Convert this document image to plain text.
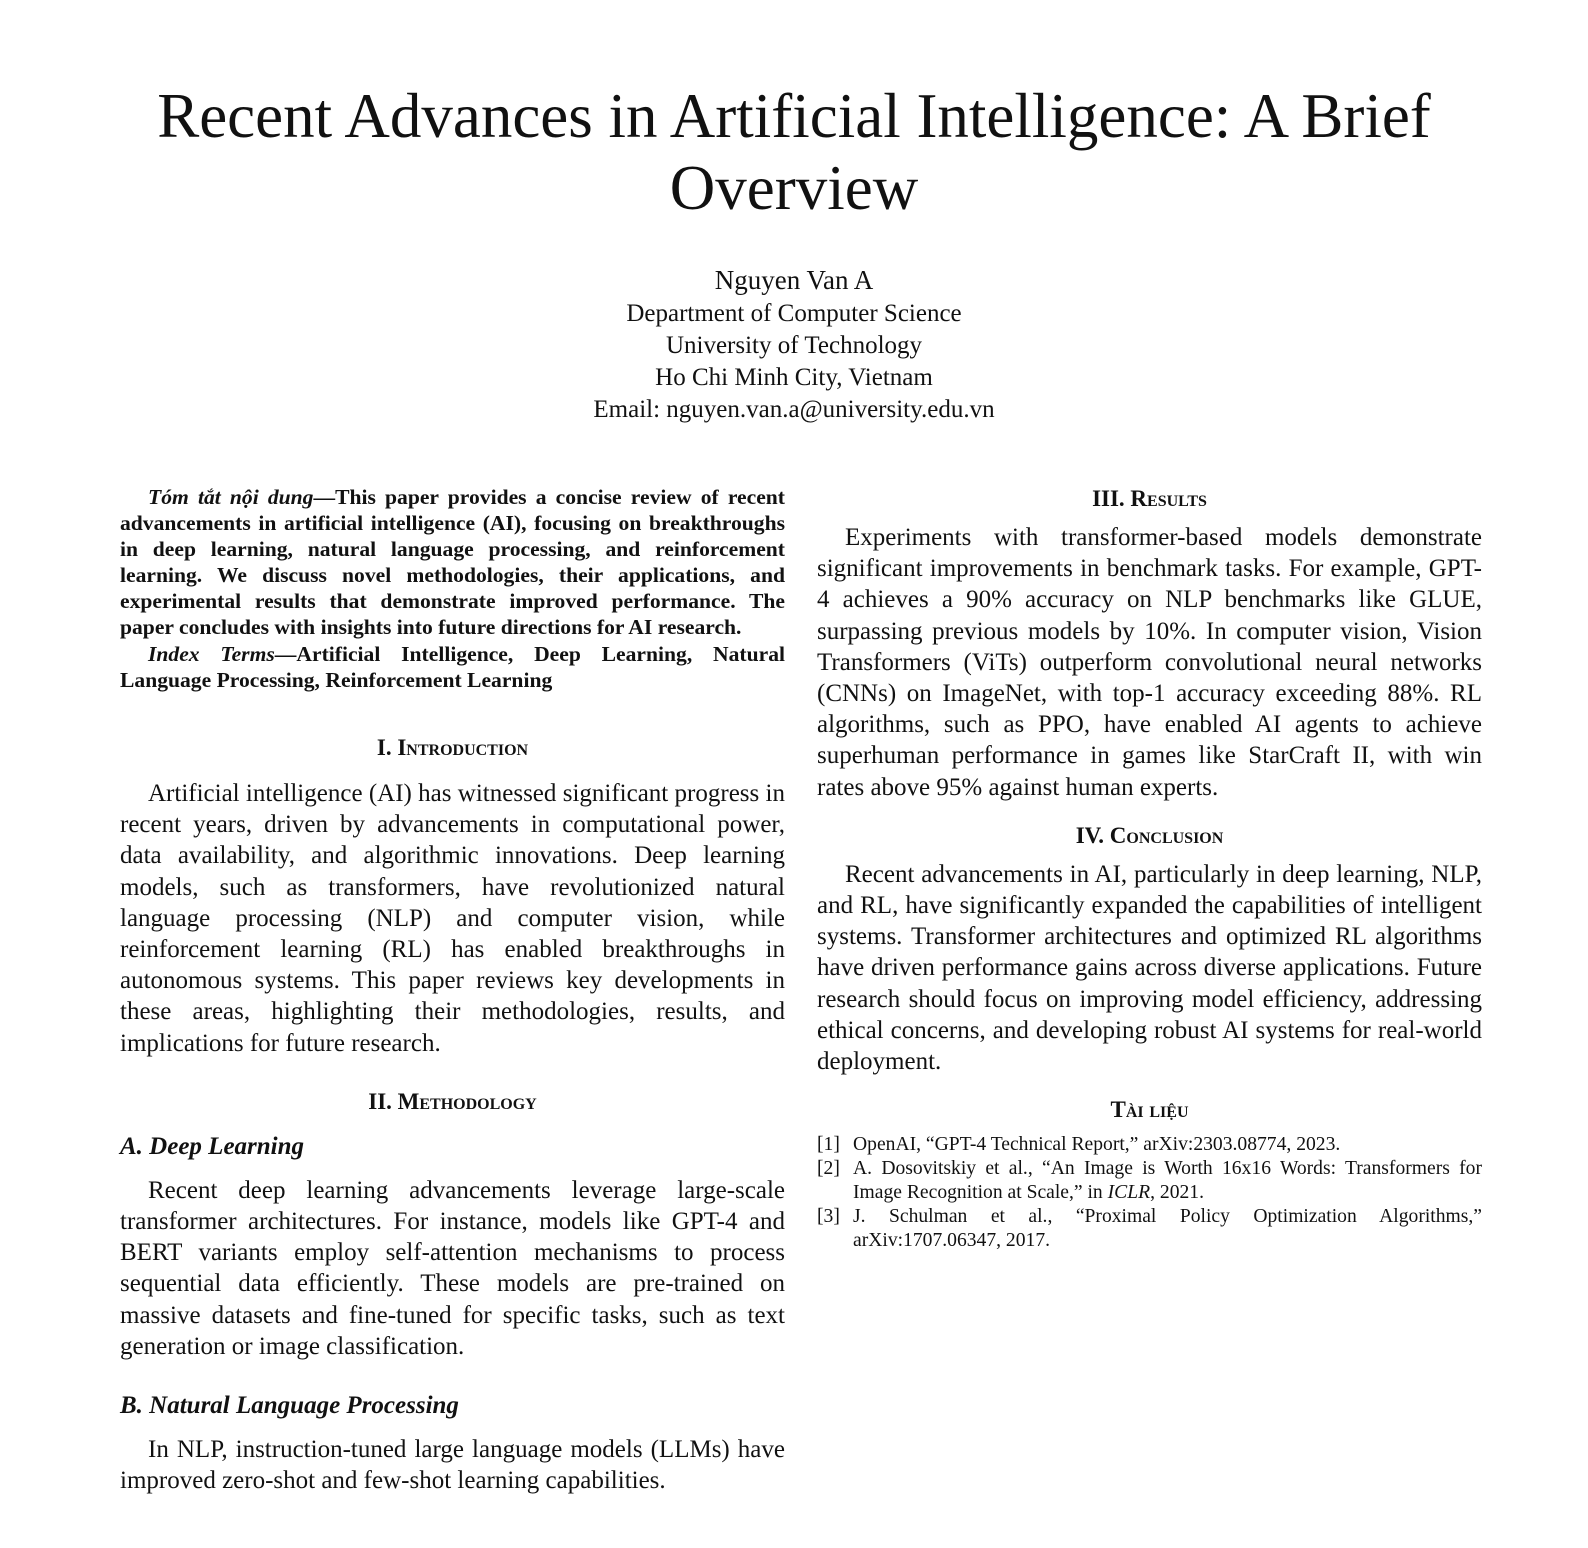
Recent Advances in Artificial Intelligence: A Brief Overview
Nguyen Van A
Department of Computer Science
University of Technology
Ho Chi Minh City, Vietnam
Email: nguyen.van.a@university.edu.vn

Tóm tắt nội dung—This paper provides a concise review of recent advancements in artificial intelligence (AI), focusing on breakthroughs in deep learning, natural language processing, and reinforcement learning. We discuss novel methodologies, their applications, and experimental results that demonstrate improved performance. The paper concludes with insights into future directions for AI research.

Index Terms—Artificial Intelligence, Deep Learning, Natural Language Processing, Reinforcement Learning

I. Introduction

Artificial intelligence (AI) has witnessed significant progress in recent years, driven by advancements in computational power, data availability, and algorithmic innovations. Deep learning models, such as transformers, have revolutionized natural language processing (NLP) and computer vision, while reinforcement learning (RL) has enabled breakthroughs in autonomous systems. This paper reviews key developments in these areas, highlighting their methodologies, results, and implications for future research.

II. Methodology
A. Deep Learning

Recent deep learning advancements leverage large-scale transformer architectures. For instance, models like GPT-4 and BERT variants employ self-attention mechanisms to process sequential data efficiently. These models are pre-trained on massive datasets and fine-tuned for specific tasks, such as text generation or image classification.

B. Natural Language Processing

In NLP, instruction-tuned large language models (LLMs) have improved zero-shot and few-shot learning capabilities.

III. Results

Experiments with transformer-based models demonstrate significant improvements in benchmark tasks. For example, GPT-4 achieves a 90% accuracy on NLP benchmarks like GLUE, surpassing previous models by 10%. In computer vision, Vision Transformers (ViTs) outperform convolutional neural networks (CNNs) on ImageNet, with top-1 accuracy exceeding 88%. RL algorithms, such as PPO, have enabled AI agents to achieve superhuman performance in games like StarCraft II, with win rates above 95% against human experts.

IV. Conclusion

Recent advancements in AI, particularly in deep learning, NLP, and RL, have significantly expanded the capabilities of intelligent systems. Transformer architectures and optimized RL algorithms have driven performance gains across diverse applications. Future research should focus on improving model efficiency, addressing ethical concerns, and developing robust AI systems for real-world deployment.

Tài liệu
[1] OpenAI, “GPT-4 Technical Report,” arXiv:2303.08774, 2023.
[2] A. Dosovitskiy et al., “An Image is Worth 16x16 Words: Transformers for Image Recognition at Scale,” in ICLR, 2021.
[3] J. Schulman et al., “Proximal Policy Optimization Algorithms,” arXiv:1707.06347, 2017.
